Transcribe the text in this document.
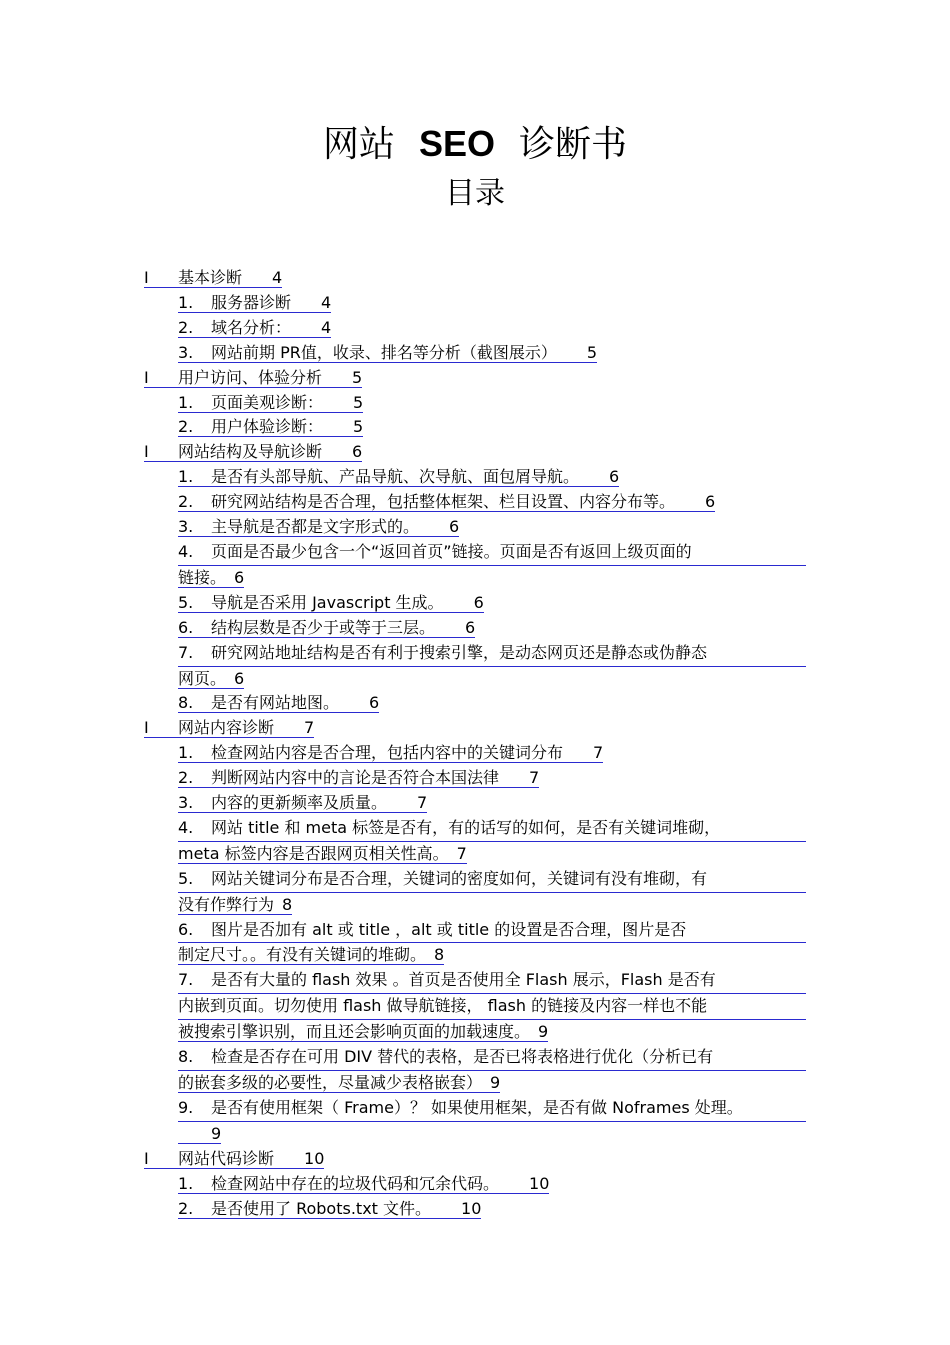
网站 SEO 诊断书
目录
I 基本诊断 4
1. 服务器诊断 4
2. 域名分析： 4
3. 网站前期 PR值，收录、排名等分析（截图展示） 5
I 用户访问、体验分析 5
1. 页面美观诊断： 5
2. 用户体验诊断： 5
I 网站结构及导航诊断 6
1. 是否有头部导航、产品导航、次导航、面包屑导航。 6
2. 研究网站结构是否合理，包括整体框架、栏目设置、内容分布等。 6
3. 主导航是否都是文字形式的。 6
4. 页面是否最少包含一个“返回首页”链接。页面是否有返回上级页面的
链接。 6
5. 导航是否采用 Javascript 生成。 6
6. 结构层数是否少于或等于三层。 6
7. 研究网站地址结构是否有利于搜索引擎，是动态网页还是静态或伪静态
网页。 6
8. 是否有网站地图。 6
I 网站内容诊断 7
1. 检查网站内容是否合理，包括内容中的关键词分布 7
2. 判断网站内容中的言论是否符合本国法律 7
3. 内容的更新频率及质量。 7
4. 网站 title 和 meta 标签是否有，有的话写的如何，是否有关键词堆砌，
meta 标签内容是否跟网页相关性高。 7
5. 网站关键词分布是否合理，关键词的密度如何，关键词有没有堆砌，有
没有作弊行为 8
6. 图片是否加有 alt 或 title ，alt 或 title 的设置是否合理，图片是否
制定尺寸。。有没有关键词的堆砌。 8
7. 是否有大量的 flash 效果 。首页是否使用全 Flash 展示，Flash 是否有
内嵌到页面。切勿使用 flash 做导航链接， flash 的链接及内容一样也不能
被搜索引擎识别，而且还会影响页面的加载速度。 9
8. 检查是否存在可用 DIV 替代的表格，是否已将表格进行优化（分析已有
的嵌套多级的必要性，尽量减少表格嵌套） 9
9. 是否有使用框架（ Frame）？ 如果使用框架，是否有做 Noframes 处理。
9
I 网站代码诊断 10
1. 检查网站中存在的垃圾代码和冗余代码。 10
2. 是否使用了 Robots.txt 文件。 10
